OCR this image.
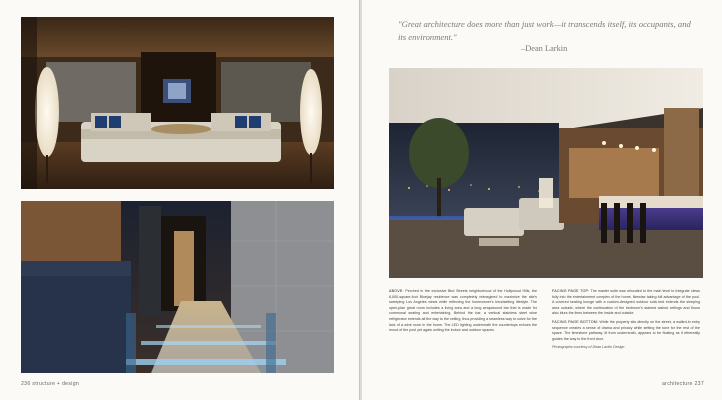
236 structure + design
"Great architecture does more than just work—it transcends itself, its occupants, and its environment."
–Dean Larkin

ABOVE: Perched in the exclusive Bird Streets neighborhood of the Hollywood Hills, the 6,000-square-foot Bluejay residence was completely reimagined to maximize the site's sweeping Los Angeles views while reflecting the homeowner's trendsetting lifestyle. The open-plan great room includes a living area and a long wraparound bar that is made for communal seating and entertaining. Behind the bar, a vertical stainless steel wine refrigerator extends all the way to the ceiling, thus providing a seamless way to solve for the lack of a wine room in the home. The LED lighting underneath the countertops echoes the mood of the pool yet again uniting the indoor and outdoor spaces.

FACING PAGE TOP: The master suite was relocated to the main level to integrate views fully into the entertainment complex of the home, likewise taking full advantage of the pool. A covered seating lounge with a custom-designed outdoor sofa bed extends the sleeping area outside, where the continuation of the bedroom's stained walnut ceilings and floors also blurs the lines between the inside and outside.

FACING PAGE BOTTOM: While the property sits directly on the street, a walled-in entry sequence creates a sense of drama and privacy while setting the tone for the rest of the space. The limestone pathway, lit from underneath, appears to be floating as it ethereally guides the way to the front door.

Photographs courtesy of Dean Larkin Design

architecture 237
